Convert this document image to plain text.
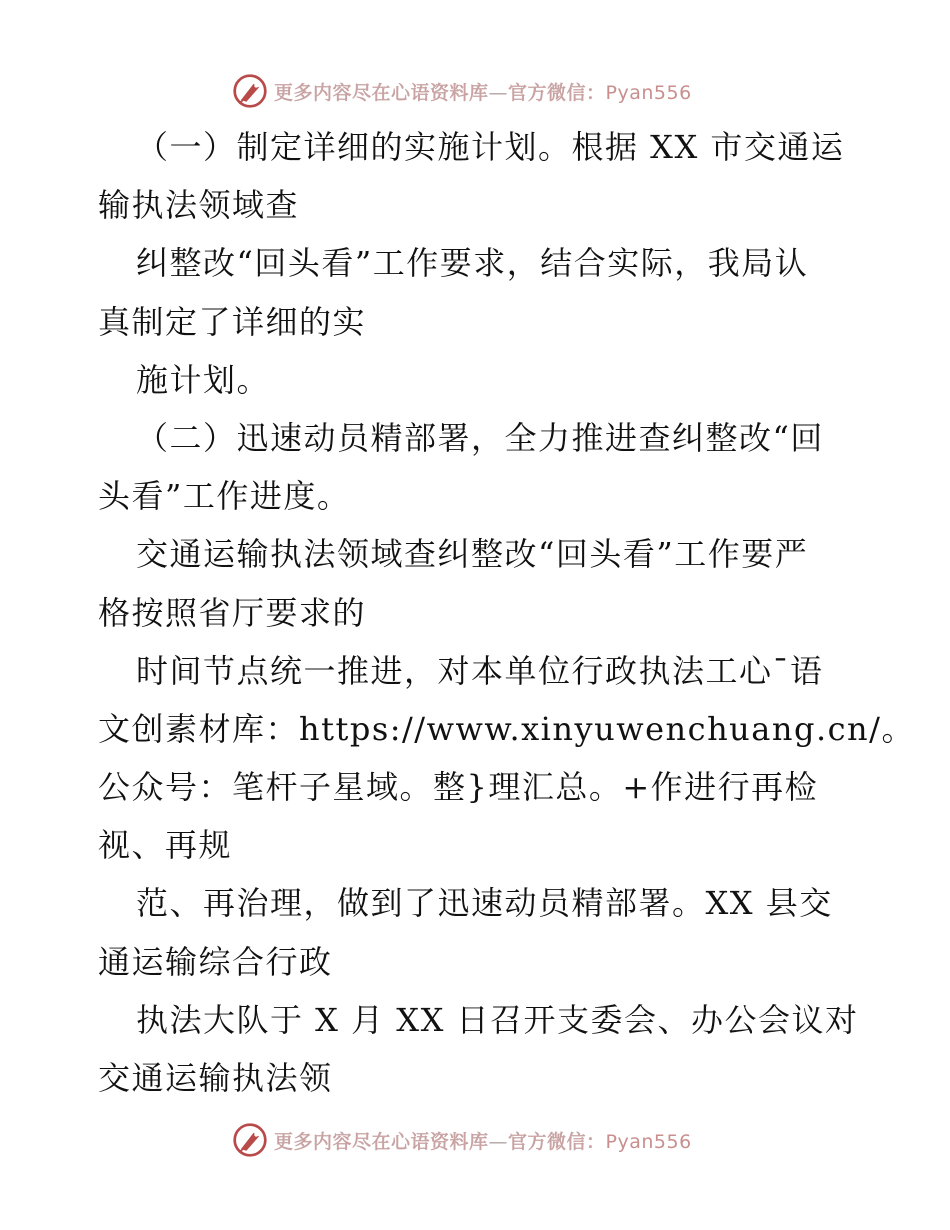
更多内容尽在心语资料库—官方微信：Pyan556
（一）制定详细的实施计划。根据 XX 市交通运
输执法领域查
纠整改“回头看”工作要求，结合实际，我局认
真制定了详细的实
施计划。
（二）迅速动员精部署，全力推进查纠整改“回
头看”工作进度。
交通运输执法领域查纠整改“回头看”工作要严
格按照省厅要求的
时间节点统一推进，对本单位行政执法工心¯语
文创素材库：https://www.xinyuwenchuang.cn/。
公众号：笔杆子星域。整}理汇总。+作进行再检
视、再规
范、再治理，做到了迅速动员精部署。XX 县交
通运输综合行政
执法大队于 X 月 XX 日召开支委会、办公会议对
交通运输执法领
更多内容尽在心语资料库—官方微信：Pyan556
